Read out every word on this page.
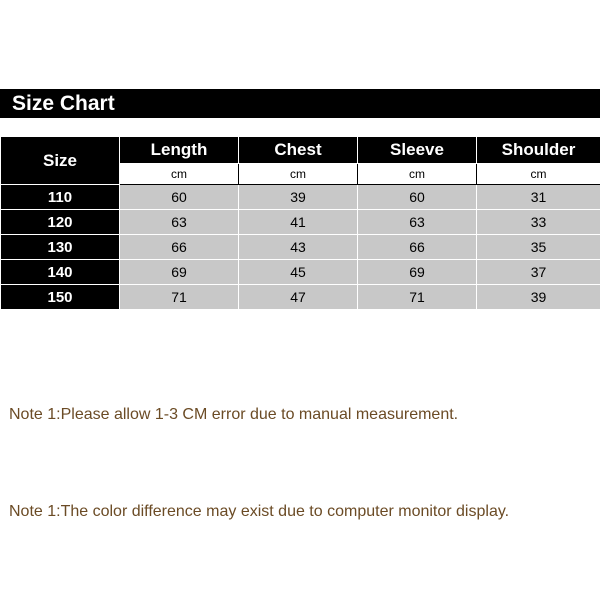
Size Chart
Size	Length	Chest	Sleeve	Shoulder
	cm	cm	cm	cm
110	60	39	60	31
120	63	41	63	33
130	66	43	66	35
140	69	45	69	37
150	71	47	71	39
Note 1:Please allow 1-3 CM error due to manual measurement.
Note 1:The color difference may exist due to computer monitor display.
